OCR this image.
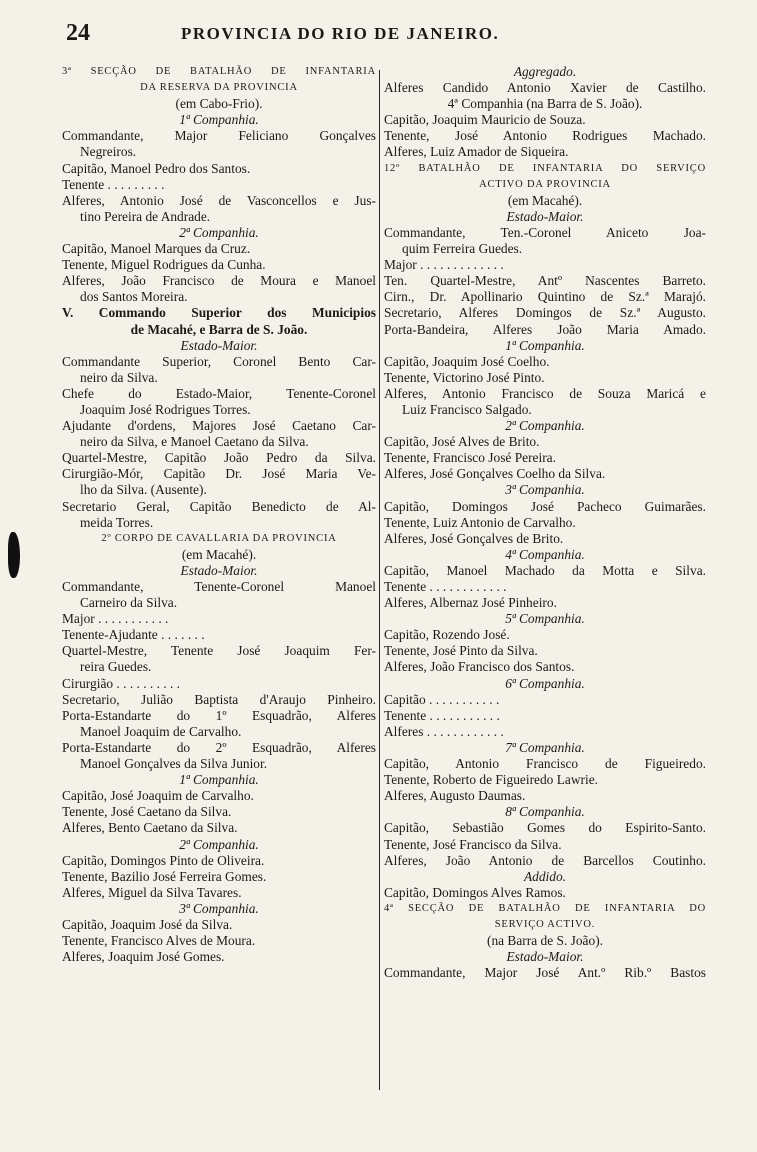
24	PROVINCIA DO RIO DE JANEIRO.
3ª SECÇÃO DE BATALHÃO DE INFANTARIA
DA RESERVA DA PROVINCIA
(em Cabo-Frio).
1ª Companhia.
Commandante, Major Feliciano Gonçalves
Negreiros.
Capitão, Manoel Pedro dos Santos.
Tenente . . . . . . . . .
Alferes, Antonio José de Vasconcellos e Jus-
tino Pereira de Andrade.
2ª Companhia.
Capitão, Manoel Marques da Cruz.
Tenente, Miguel Rodrigues da Cunha.
Alferes, João Francisco de Moura e Manoel
dos Santos Moreira.
V. Commando Superior dos Municipios
de Macahé, e Barra de S. João.
Estado-Maior.
Commandante Superior, Coronel Bento Car-
neiro da Silva.
Chefe do Estado-Maior, Tenente-Coronel
Joaquim José Rodrigues Torres.
Ajudante d'ordens, Majores José Caetano Car-
neiro da Silva, e Manoel Caetano da Silva.
Quartel-Mestre, Capitão João Pedro da Silva.
Cirurgião-Mór, Capitão Dr. José Maria Ve-
lho da Silva. (Ausente).
Secretario Geral, Capitão Benedicto de Al-
meida Torres.
2º CORPO DE CAVALLARIA DA PROVINCIA
(em Macahé).
Estado-Maior.
Commandante, Tenente-Coronel Manoel
Carneiro da Silva.
Major . . . . . . . . . . .
Tenente-Ajudante . . . . . . .
Quartel-Mestre, Tenente José Joaquim Fer-
reira Guedes.
Cirurgião . . . . . . . . . .
Secretario, Julião Baptista d'Araujo Pinheiro.
Porta-Estandarte do 1º Esquadrão, Alferes
Manoel Joaquim de Carvalho.
Porta-Estandarte do 2º Esquadrão, Alferes
Manoel Gonçalves da Silva Junior.
1ª Companhia.
Capitão, José Joaquim de Carvalho.
Tenente, José Caetano da Silva.
Alferes, Bento Caetano da Silva.
2ª Companhia.
Capitão, Domingos Pinto de Oliveira.
Tenente, Bazilio José Ferreira Gomes.
Alferes, Miguel da Silva Tavares.
3ª Companhia.
Capitão, Joaquim José da Silva.
Tenente, Francisco Alves de Moura.
Alferes, Joaquim José Gomes.
Aggregado.
Alferes Candido Antonio Xavier de Castilho.
4ª Companhia (na Barra de S. João).
Capitão, Joaquim Mauricio de Souza.
Tenente, José Antonio Rodrigues Machado.
Alferes, Luiz Amador de Siqueira.
12º BATALHÃO DE INFANTARIA DO SERVIÇO
ACTIVO DA PROVINCIA
(em Macahé).
Estado-Maior.
Commandante, Ten.-Coronel Aniceto Joa-
quim Ferreira Guedes.
Major . . . . . . . . . . . . .
Ten. Quartel-Mestre, Antº Nascentes Barreto.
Cirn., Dr. Apollinario Quintino de Sz.ª Marajó.
Secretario, Alferes Domingos de Sz.ª Augusto.
Porta-Bandeira, Alferes João Maria Amado.
1ª Companhia.
Capitão, Joaquim José Coelho.
Tenente, Victorino José Pinto.
Alferes, Antonio Francisco de Souza Maricá e
Luiz Francisco Salgado.
2ª Companhia.
Capitão, José Alves de Brito.
Tenente, Francisco José Pereira.
Alferes, José Gonçalves Coelho da Silva.
3ª Companhia.
Capitão, Domingos José Pacheco Guimarães.
Tenente, Luiz Antonio de Carvalho.
Alferes, José Gonçalves de Brito.
4ª Companhia.
Capitão, Manoel Machado da Motta e Silva.
Tenente . . . . . . . . . . . .
Alferes, Albernaz José Pinheiro.
5ª Companhia.
Capitão, Rozendo José.
Tenente, José Pinto da Silva.
Alferes, João Francisco dos Santos.
6ª Companhia.
Capitão . . . . . . . . . . .
Tenente . . . . . . . . . . .
Alferes . . . . . . . . . . . .
7ª Companhia.
Capitão, Antonio Francisco de Figueiredo.
Tenente, Roberto de Figueiredo Lawrie.
Alferes, Augusto Daumas.
8ª Companhia.
Capitão, Sebastião Gomes do Espirito-Santo.
Tenente, José Francisco da Silva.
Alferes, João Antonio de Barcellos Coutinho.
Addido.
Capitão, Domingos Alves Ramos.
4ª SECÇÃO DE BATALHÃO DE INFANTARIA DO
SERVIÇO ACTIVO.
(na Barra de S. João).
Estado-Maior.
Commandante, Major José Ant.º Rib.º Bastos
